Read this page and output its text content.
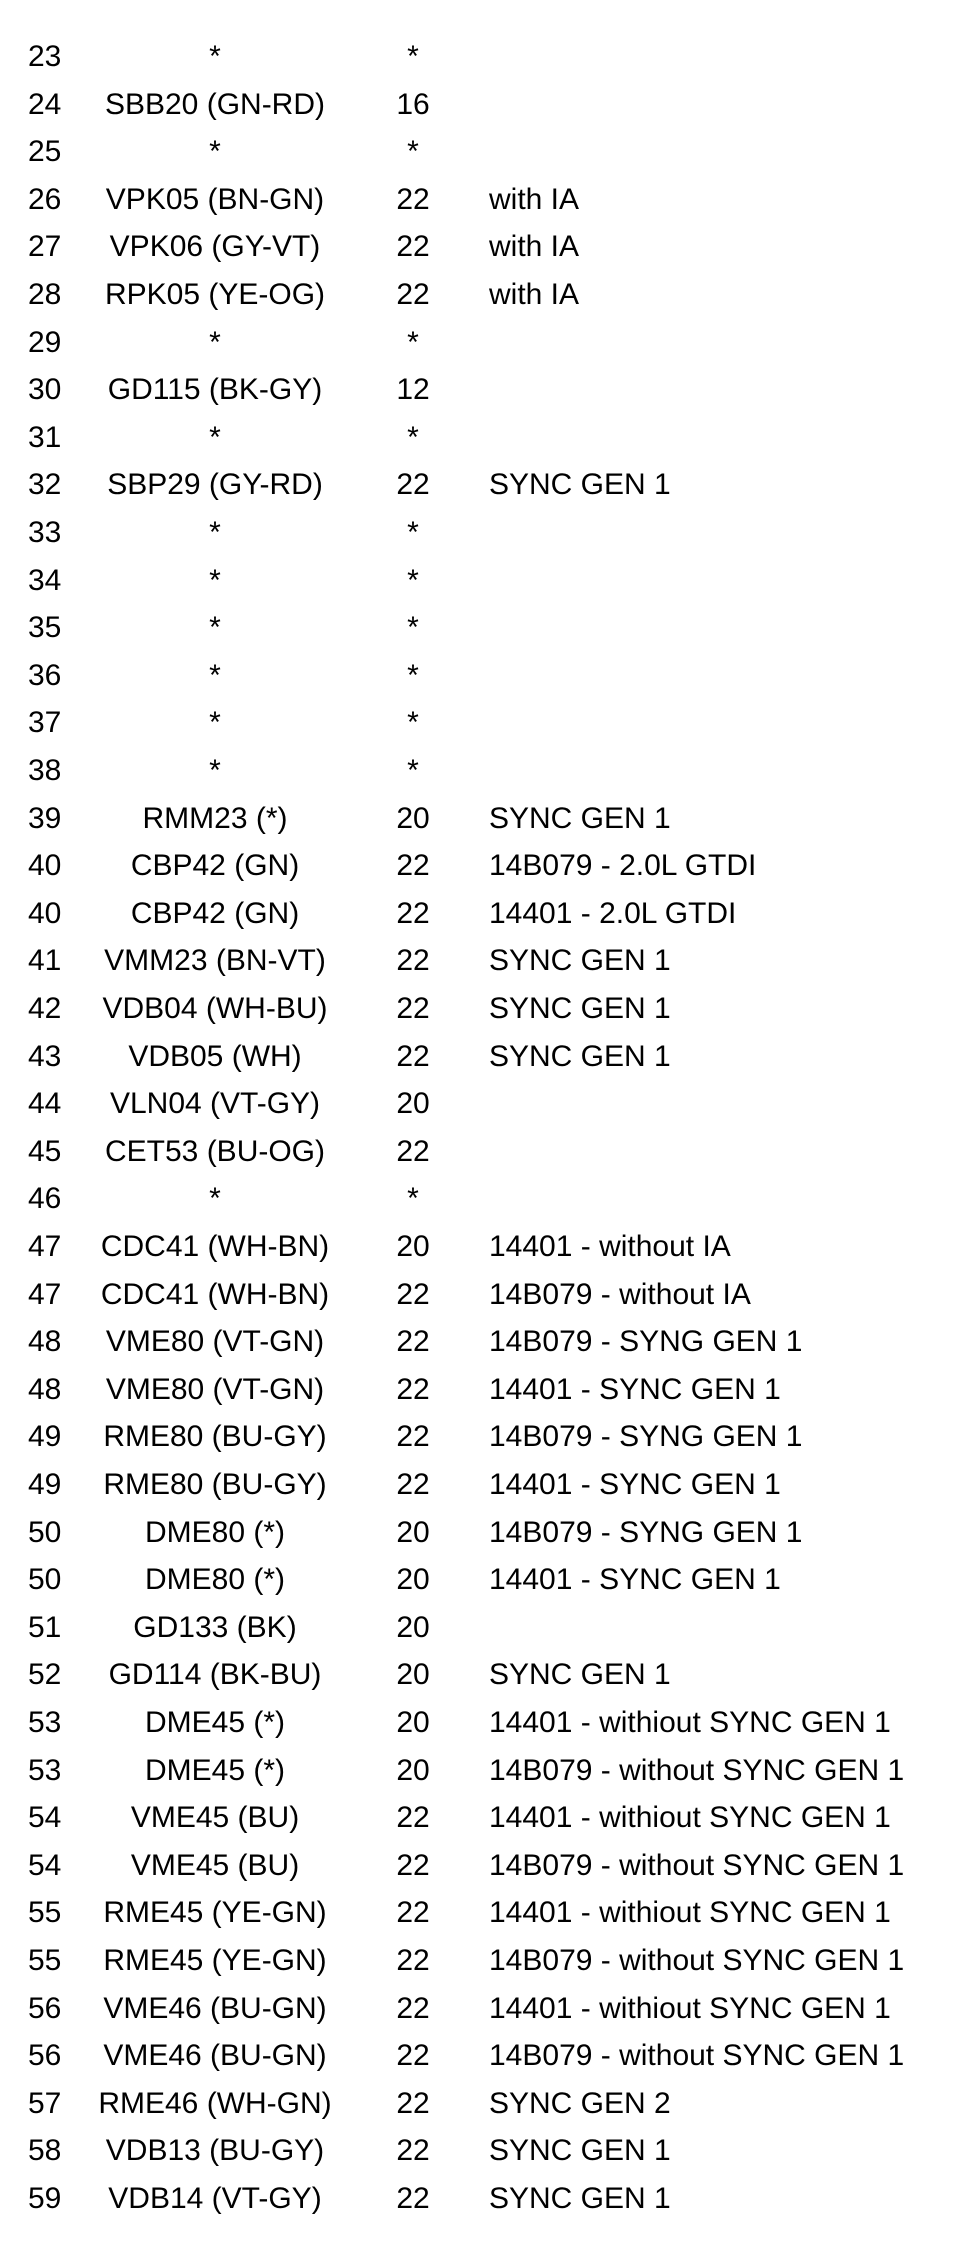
23	*	*
24	SBB20 (GN-RD)	16
25	*	*
26	VPK05 (BN-GN)	22 with IA
27	VPK06 (GY-VT)	22 with IA
28	RPK05 (YE-OG)	22 with IA
29	*	*
30	GD115 (BK-GY)	12
31	*	*
32	SBP29 (GY-RD)	22 SYNC GEN 1
33	*	*
34	*	*
35	*	*
36	*	*
37	*	*
38	*	*
39	RMM23 (*)	20 SYNC GEN 1
40	CBP42 (GN)	22 14B079 - 2.0L GTDI
40	CBP42 (GN)	22 14401 - 2.0L GTDI
41	VMM23 (BN-VT)	22 SYNC GEN 1
42	VDB04 (WH-BU)	22 SYNC GEN 1
43	VDB05 (WH)	22 SYNC GEN 1
44	VLN04 (VT-GY)	20
45	CET53 (BU-OG)	22
46	*	*
47	CDC41 (WH-BN)	20 14401 - without IA
47	CDC41 (WH-BN)	22 14B079 - without IA
48	VME80 (VT-GN)	22 14B079 - SYNG GEN 1
48	VME80 (VT-GN)	22 14401 - SYNC GEN 1
49	RME80 (BU-GY)	22 14B079 - SYNG GEN 1
49	RME80 (BU-GY)	22 14401 - SYNC GEN 1
50	DME80 (*)	20 14B079 - SYNG GEN 1
50	DME80 (*)	20 14401 - SYNC GEN 1
51	GD133 (BK)	20
52	GD114 (BK-BU)	20 SYNC GEN 1
53	DME45 (*)	20 14401 - withiout SYNC GEN 1
53	DME45 (*)	20 14B079 - without SYNC GEN 1
54	VME45 (BU)	22 14401 - withiout SYNC GEN 1
54	VME45 (BU)	22 14B079 - without SYNC GEN 1
55	RME45 (YE-GN)	22 14401 - withiout SYNC GEN 1
55	RME45 (YE-GN)	22 14B079 - without SYNC GEN 1
56	VME46 (BU-GN)	22 14401 - withiout SYNC GEN 1
56	VME46 (BU-GN)	22 14B079 - without SYNC GEN 1
57 RME46 (WH-GN) 22 SYNC GEN 2
58	VDB13 (BU-GY)	22 SYNC GEN 1
59	VDB14 (VT-GY)	22 SYNC GEN 1
